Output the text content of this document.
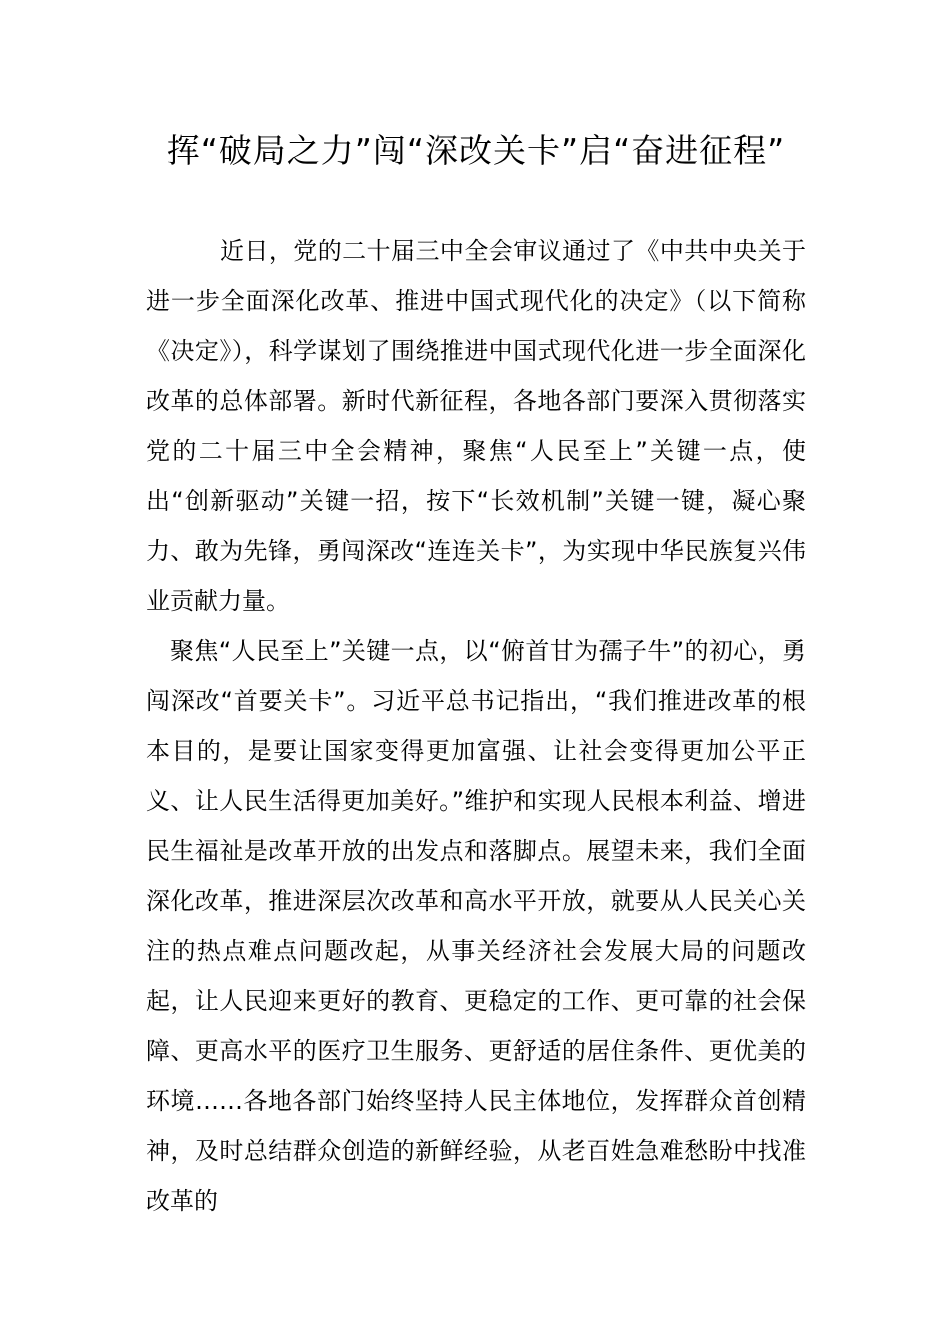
挥“破局之力”闯“深改关卡”启“奋进征程”

近日，党的二十届三中全会审议通过了《中共中央关于进一步全面深化改革、推进中国式现代化的决定》（以下简称《决定》），科学谋划了围绕推进中国式现代化进一步全面深化改革的总体部署。新时代新征程，各地各部门要深入贯彻落实党的二十届三中全会精神，聚焦“人民至上”关键一点，使出“创新驱动”关键一招，按下“长效机制”关键一键，凝心聚力、敢为先锋，勇闯深改“连连关卡”，为实现中华民族复兴伟业贡献力量。

聚焦“人民至上”关键一点，以“俯首甘为孺子牛”的初心，勇闯深改“首要关卡”。习近平总书记指出，“我们推进改革的根本目的，是要让国家变得更加富强、让社会变得更加公平正义、让人民生活得更加美好。”维护和实现人民根本利益、增进民生福祉是改革开放的出发点和落脚点。展望未来，我们全面深化改革，推进深层次改革和高水平开放，就要从人民关心关注的热点难点问题改起，从事关经济社会发展大局的问题改起，让人民迎来更好的教育、更稳定的工作、更可靠的社会保障、更高水平的医疗卫生服务、更舒适的居住条件、更优美的环境……各地各部门始终坚持人民主体地位，发挥群众首创精神，及时总结群众创造的新鲜经验，从老百姓急难愁盼中找准改革的
